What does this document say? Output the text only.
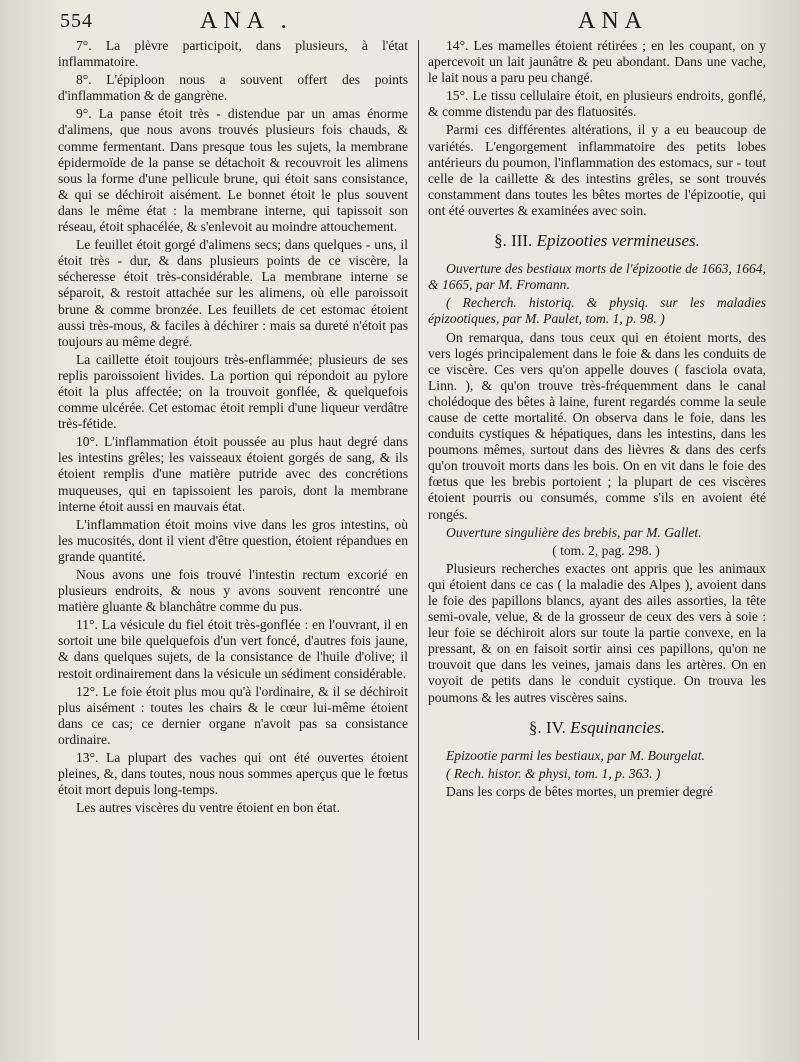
554	ANA .	ANA

7°. La plèvre participoit, dans plusieurs, à l'état inflammatoire.

8°. L'épiploon nous a souvent offert des points d'inflammation & de gangrène.

9°. La panse étoit très - distendue par un amas énorme d'alimens, que nous avons trouvés plusieurs fois chauds, & comme fermentant. Dans presque tous les sujets, la membrane épidermoïde de la panse se détachoit & recouvroit les alimens sous la forme d'une pellicule brune, qui étoit sans consistance, & qui se déchiroit aisément. Le bonnet étoit le plus souvent dans le même état : la membrane interne, qui tapissoit son réseau, étoit sphacélée, & s'enlevoit au moindre attouchement.

Le feuillet étoit gorgé d'alimens secs; dans quelques - uns, il étoit très - dur, & dans plusieurs points de ce viscère, la sécheresse étoit très-considérable. La membrane interne se séparoit, & restoit attachée sur les alimens, où elle paroissoit brune & comme bronzée. Les feuillets de cet estomac étoient aussi très-mous, & faciles à déchirer : mais sa dureté n'étoit pas toujours au même degré.

La caillette étoit toujours très-enflammée; plusieurs de ses replis paroissoient livides. La portion qui répondoit au pylore étoit la plus affectée; on la trouvoit gonflée, & quelquefois comme ulcérée. Cet estomac étoit rempli d'une liqueur verdâtre très-fétide.

10°. L'inflammation étoit poussée au plus haut degré dans les intestins grêles; les vaisseaux étoient gorgés de sang, & ils étoient remplis d'une matière putride avec des concrétions muqueuses, qui en tapissoient les parois, dont la membrane interne étoit aussi en mauvais état.

L'inflammation étoit moins vive dans les gros intestins, où les mucosités, dont il vient d'être question, étoient répandues en grande quantité.

Nous avons une fois trouvé l'intestin rectum excorié en plusieurs endroits, & nous y avons souvent rencontré une matière gluante & blanchâtre comme du pus.

11°. La vésicule du fiel étoit très-gonflée : en l'ouvrant, il en sortoit une bile quelquefois d'un vert foncé, d'autres fois jaune, & dans quelques sujets, de la consistance de l'huile d'olive; il restoit ordinairement dans la vésicule un sédiment considérable.

12°. Le foie étoit plus mou qu'à l'ordinaire, & il se déchiroit plus aisément : toutes les chairs & le cœur lui-même étoient dans ce cas; ce dernier organe n'avoit pas sa consistance ordinaire.

13°. La plupart des vaches qui ont été ouvertes étoient pleines, &, dans toutes, nous nous sommes aperçus que le fœtus étoit mort depuis long-temps.

Les autres viscères du ventre étoient en bon état.

14°. Les mamelles étoient rétirées ; en les coupant, on y apercevoit un lait jaunâtre & peu abondant. Dans une vache, le lait nous a paru peu changé.

15°. Le tissu cellulaire étoit, en plusieurs endroits, gonflé, & comme distendu par des flatuosités.

Parmi ces différentes altérations, il y a eu beaucoup de variétés. L'engorgement inflammatoire des petits lobes antérieurs du poumon, l'inflammation des estomacs, sur - tout celle de la caillette & des intestins grêles, se sont trouvés constamment dans toutes les bêtes mortes de l'épizootie, qui ont été ouvertes & examinées avec soin.

§. III. Epizooties vermineuses.

Ouverture des bestiaux morts de l'épizootie de 1663, 1664, & 1665, par M. Fromann.

( Recherch. historiq. & physiq. sur les maladies épizootiques, par M. Paulet, tom. 1, p. 98. )

On remarqua, dans tous ceux qui en étoient morts, des vers logés principalement dans le foie & dans les conduits de ce viscère. Ces vers qu'on appelle douves ( fasciola ovata, Linn. ), & qu'on trouve très-fréquemment dans le canal cholédoque des bêtes à laine, furent regardés comme la seule cause de cette mortalité. On observa dans le foie, dans les conduits cystiques & hépatiques, dans les intestins, dans les poumons mêmes, surtout dans des lièvres & dans des cerfs qu'on trouvoit morts dans les bois. On en vit dans le foie des fœtus que les brebis portoient ; la plupart de ces viscères étoient pourris ou consumés, comme s'ils en avoient été rongés.

Ouverture singulière des brebis, par M. Gallet.

( tom. 2, pag. 298. )

Plusieurs recherches exactes ont appris que les animaux qui étoient dans ce cas ( la maladie des Alpes ), avoient dans le foie des papillons blancs, ayant des ailes assorties, la tête semi-ovale, velue, & de la grosseur de ceux des vers à soie : leur foie se déchiroit alors sur toute la partie convexe, en la pressant, & on en faisoit sortir ainsi ces papillons, qu'on ne trouvoit que dans les veines, jamais dans les artères. On en voyoit de petits dans le conduit cystique. On trouva les poumons & les autres viscères sains.

§. IV. Esquinancies.

Epizootie parmi les bestiaux, par M. Bourgelat.

( Rech. histor. & physi, tom. 1, p. 363. )

Dans les corps de bêtes mortes, un premier degré
